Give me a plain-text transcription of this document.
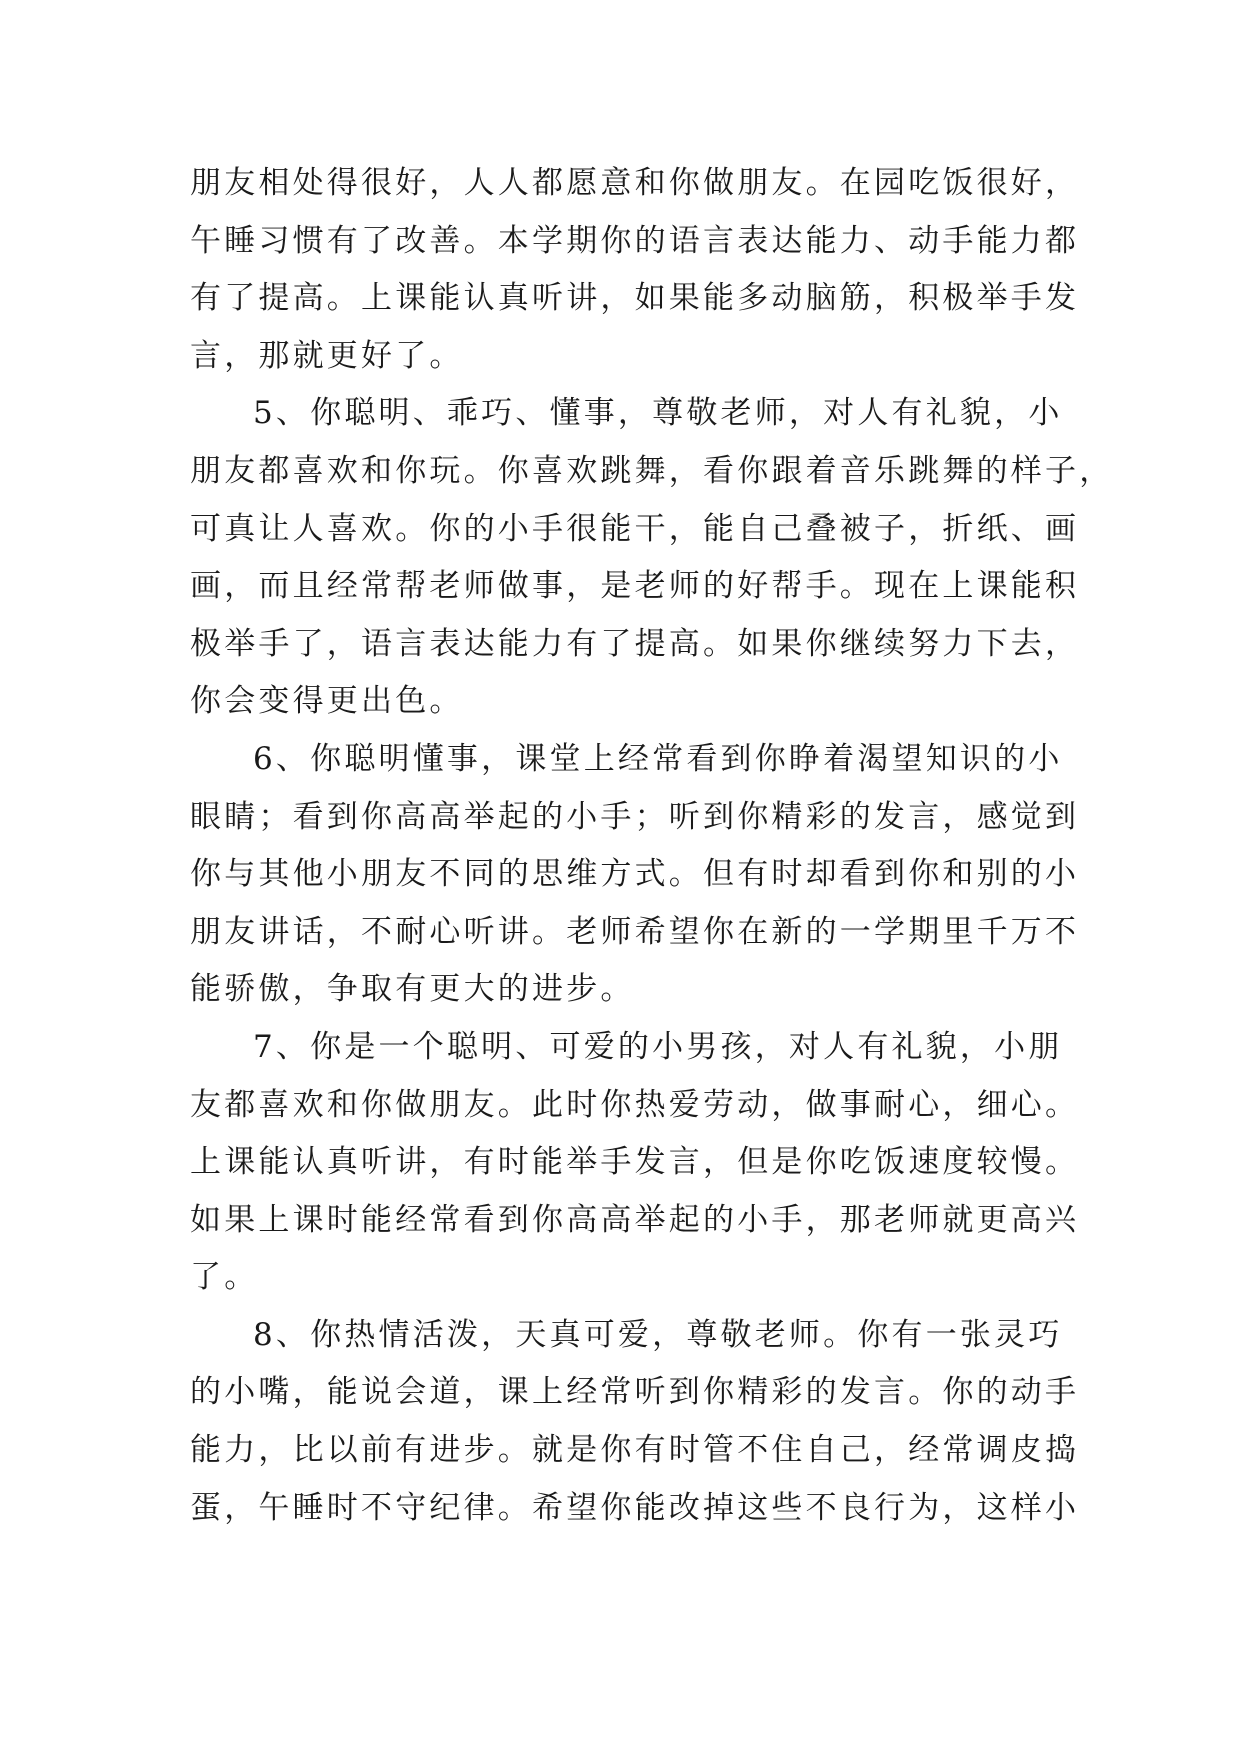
朋友相处得很好，人人都愿意和你做朋友。在园吃饭很好，
午睡习惯有了改善。本学期你的语言表达能力、动手能力都
有了提高。上课能认真听讲，如果能多动脑筋，积极举手发
言，那就更好了。

5、你聪明、乖巧、懂事，尊敬老师，对人有礼貌，小
朋友都喜欢和你玩。你喜欢跳舞，看你跟着音乐跳舞的样子，
可真让人喜欢。你的小手很能干，能自己叠被子，折纸、画
画，而且经常帮老师做事，是老师的好帮手。现在上课能积
极举手了，语言表达能力有了提高。如果你继续努力下去，
你会变得更出色。

6、你聪明懂事，课堂上经常看到你睁着渴望知识的小
眼睛；看到你高高举起的小手；听到你精彩的发言，感觉到
你与其他小朋友不同的思维方式。但有时却看到你和别的小
朋友讲话，不耐心听讲。老师希望你在新的一学期里千万不
能骄傲，争取有更大的进步。

7、你是一个聪明、可爱的小男孩，对人有礼貌，小朋
友都喜欢和你做朋友。此时你热爱劳动，做事耐心，细心。
上课能认真听讲，有时能举手发言，但是你吃饭速度较慢。
如果上课时能经常看到你高高举起的小手，那老师就更高兴
了。

8、你热情活泼，天真可爱，尊敬老师。你有一张灵巧
的小嘴，能说会道，课上经常听到你精彩的发言。你的动手
能力，比以前有进步。就是你有时管不住自己，经常调皮捣
蛋，午睡时不守纪律。希望你能改掉这些不良行为，这样小
